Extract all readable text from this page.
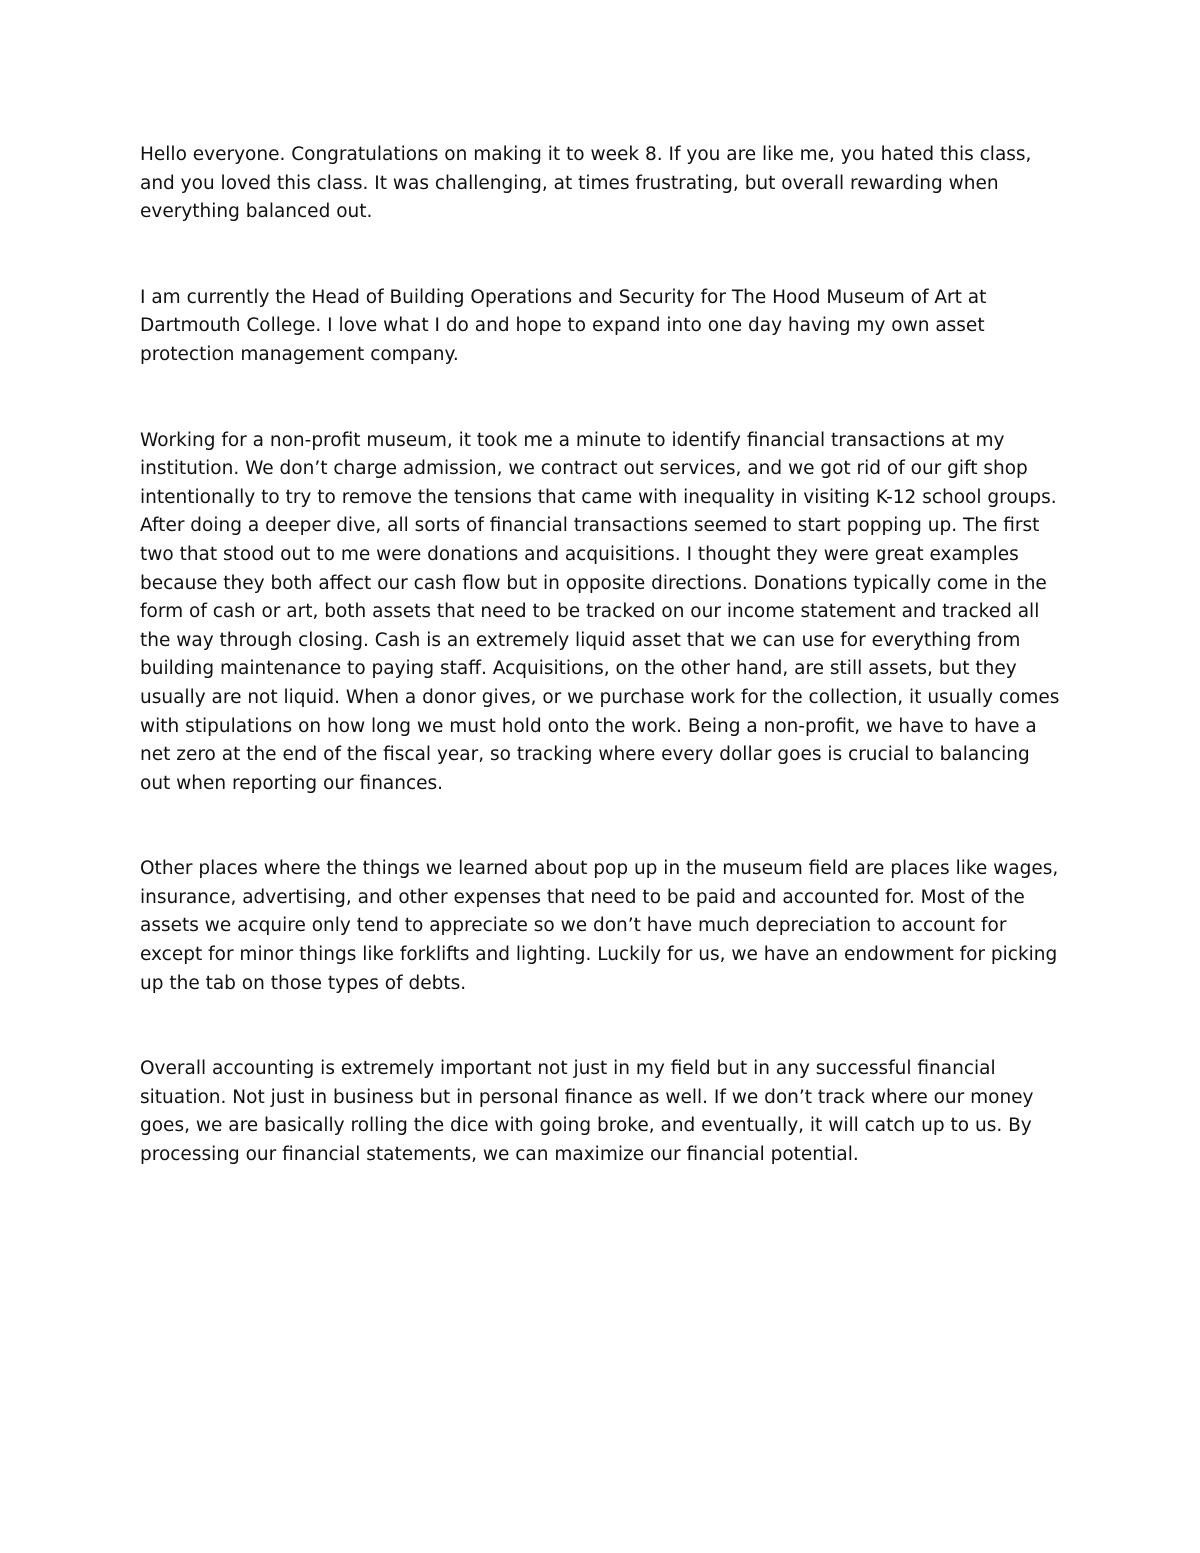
Hello everyone. Congratulations on making it to week 8. If you are like me, you hated this class, and you loved this class. It was challenging, at times frustrating, but overall rewarding when everything balanced out.

I am currently the Head of Building Operations and Security for The Hood Museum of Art at Dartmouth College. I love what I do and hope to expand into one day having my own asset protection management company.

Working for a non-profit museum, it took me a minute to identify financial transactions at my institution. We don’t charge admission, we contract out services, and we got rid of our gift shop intentionally to try to remove the tensions that came with inequality in visiting K-12 school groups. After doing a deeper dive, all sorts of financial transactions seemed to start popping up. The first two that stood out to me were donations and acquisitions. I thought they were great examples because they both affect our cash flow but in opposite directions. Donations typically come in the form of cash or art, both assets that need to be tracked on our income statement and tracked all the way through closing. Cash is an extremely liquid asset that we can use for everything from building maintenance to paying staff. Acquisitions, on the other hand, are still assets, but they usually are not liquid. When a donor gives, or we purchase work for the collection, it usually comes with stipulations on how long we must hold onto the work. Being a non-profit, we have to have a net zero at the end of the fiscal year, so tracking where every dollar goes is crucial to balancing out when reporting our finances.

Other places where the things we learned about pop up in the museum field are places like wages, insurance, advertising, and other expenses that need to be paid and accounted for. Most of the assets we acquire only tend to appreciate so we don’t have much depreciation to account for except for minor things like forklifts and lighting. Luckily for us, we have an endowment for picking up the tab on those types of debts.

Overall accounting is extremely important not just in my field but in any successful financial situation. Not just in business but in personal finance as well. If we don’t track where our money goes, we are basically rolling the dice with going broke, and eventually, it will catch up to us. By processing our financial statements, we can maximize our financial potential.
